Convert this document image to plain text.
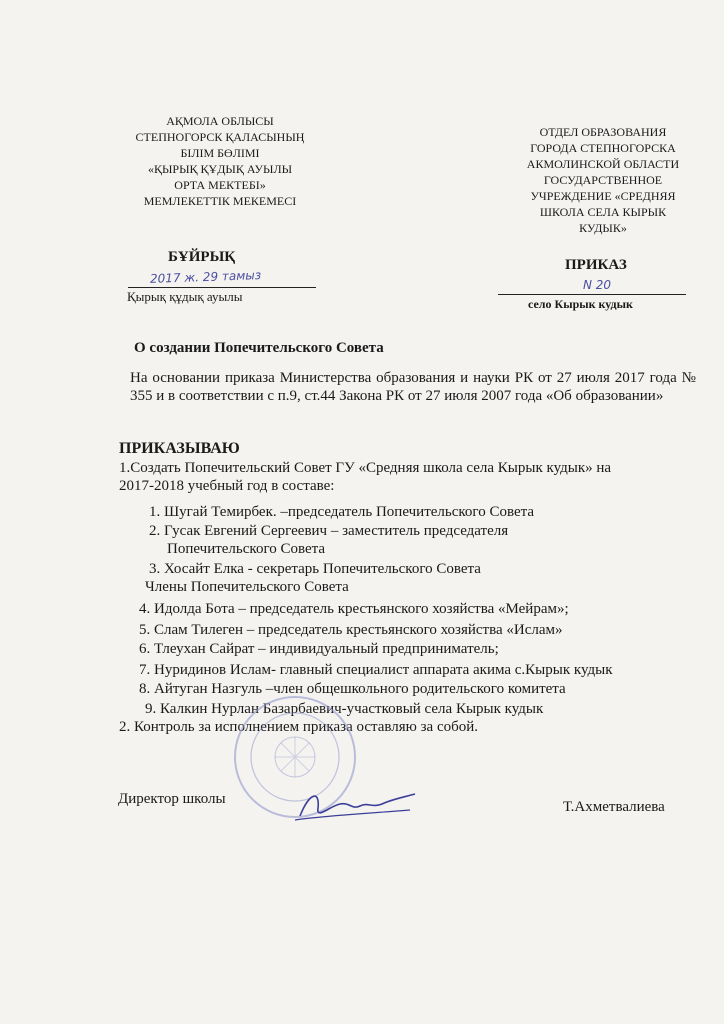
АҚМОЛА ОБЛЫСЫ
СТЕПНОГОРСК ҚАЛАСЫНЫҢ
БІЛІМ БӨЛІМІ
«ҚЫРЫҚ ҚҰДЫҚ АУЫЛЫ
ОРТА МЕКТЕБІ»
МЕМЛЕКЕТТІК МЕКЕМЕСІ
ОТДЕЛ ОБРАЗОВАНИЯ
ГОРОДА СТЕПНОГОРСКА
АКМОЛИНСКОЙ ОБЛАСТИ
ГОСУДАРСТВЕННОЕ
УЧРЕЖДЕНИЕ «СРЕДНЯЯ
ШКОЛА СЕЛА КЫРЫК
КУДЫК»
БҰЙРЫҚ
2017 ж. 29 тамыз
Қырық құдық ауылы
ПРИКАЗ
N 20
село Кырык кудык
О создании Попечительского Совета
На основании приказа Министерства образования и науки РК от 27 июля 2017 года № 355 и в соответствии с п.9, ст.44 Закона РК от 27 июля 2007 года «Об образовании»
ПРИКАЗЫВАЮ
1.Создать Попечительский Совет ГУ «Средняя школа села Кырык кудык» на
2017-2018 учебный год в составе:
1. Шугай Темирбек. –председатель Попечительского Совета
2. Гусак Евгений Сергеевич – заместитель председателя
Попечительского Совета
3. Хосайт Елка - секретарь Попечительского Совета
Члены Попечительского Совета
4. Идолда Бота – председатель крестьянского хозяйства «Мейрам»;
5. Слам Тилеген – председатель крестьянского хозяйства «Ислам»
6. Тлеухан Сайрат – индивидуальный предприниматель;
7. Нуридинов Ислам- главный специалист аппарата акима с.Кырык кудык
8. Айтуган Назгуль –член общешкольного родительского комитета
9. Калкин Нурлан Базарбаевич-участковый села Кырык кудык
2. Контроль за исполнением приказа оставляю за собой.
Директор школы	Т.Ахметвалиева
